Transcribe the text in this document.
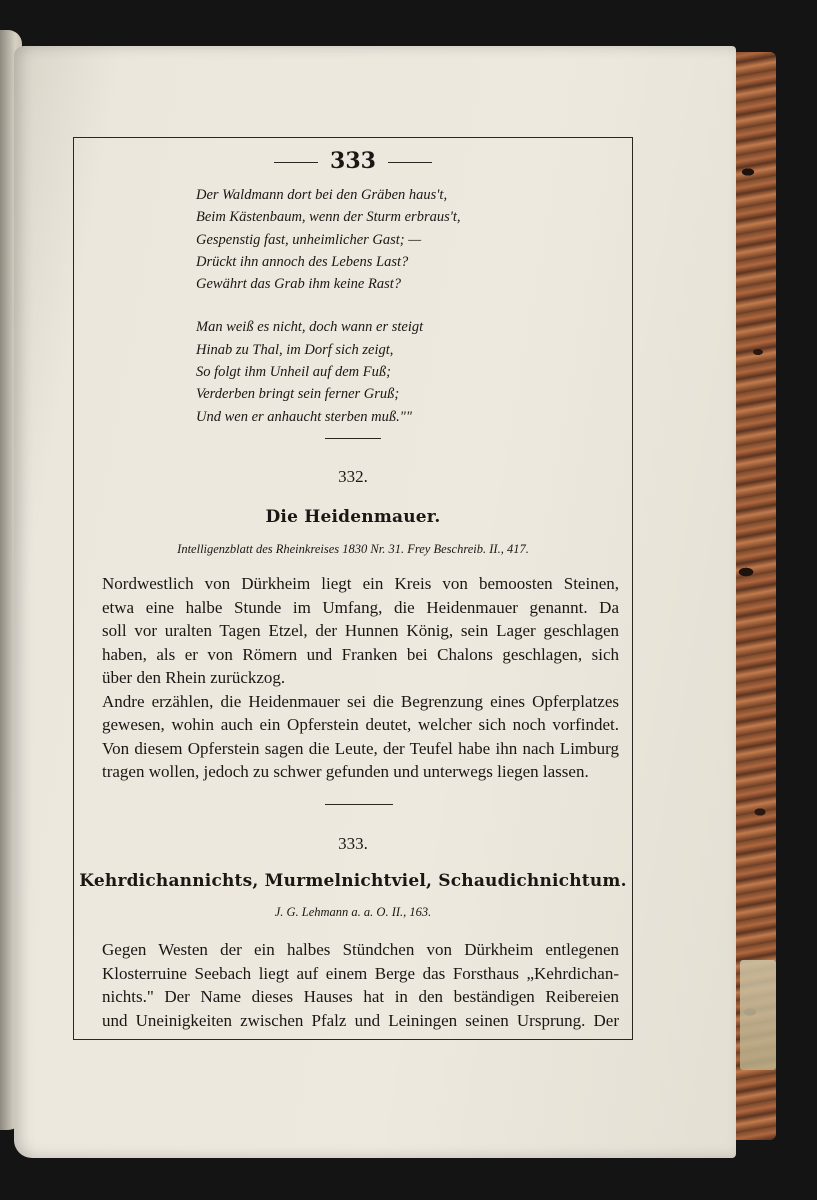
333
Der Waldmann dort bei den Gräben haus't,
Beim Kästenbaum, wenn der Sturm erbraus't,
Gespenstig fast, unheimlicher Gast; —
Drückt ihn annoch des Lebens Last?
Gewährt das Grab ihm keine Rast?
Man weiß es nicht, doch wann er steigt
Hinab zu Thal, im Dorf sich zeigt,
So folgt ihm Unheil auf dem Fuß;
Verderben bringt sein ferner Gruß;
Und wen er anhaucht sterben muß.""
332.
Die Heidenmauer.
Intelligenzblatt des Rheinkreises 1830 Nr. 31. Frey Beschreib. II., 417.
Nordwestlich von Dürkheim liegt ein Kreis von bemoosten Steinen,
etwa eine halbe Stunde im Umfang, die Heidenmauer genannt. Da
soll vor uralten Tagen Etzel, der Hunnen König, sein Lager geschlagen
haben, als er von Römern und Franken bei Chalons geschlagen, sich
über den Rhein zurückzog.
Andre erzählen, die Heidenmauer sei die Begrenzung eines Opferplatzes
gewesen, wohin auch ein Opferstein deutet, welcher sich noch vorfindet.
Von diesem Opferstein sagen die Leute, der Teufel habe ihn nach Limburg
tragen wollen, jedoch zu schwer gefunden und unterwegs liegen lassen.
333.
Kehrdichannichts, Murmelnichtviel, Schaudichnichtum.
J. G. Lehmann a. a. O. II., 163.
Gegen Westen der ein halbes Stündchen von Dürkheim entlegenen
Klosterruine Seebach liegt auf einem Berge das Forsthaus „Kehrdichan-
nichts." Der Name dieses Hauses hat in den beständigen Reibereien
und Uneinigkeiten zwischen Pfalz und Leiningen seinen Ursprung. Der
